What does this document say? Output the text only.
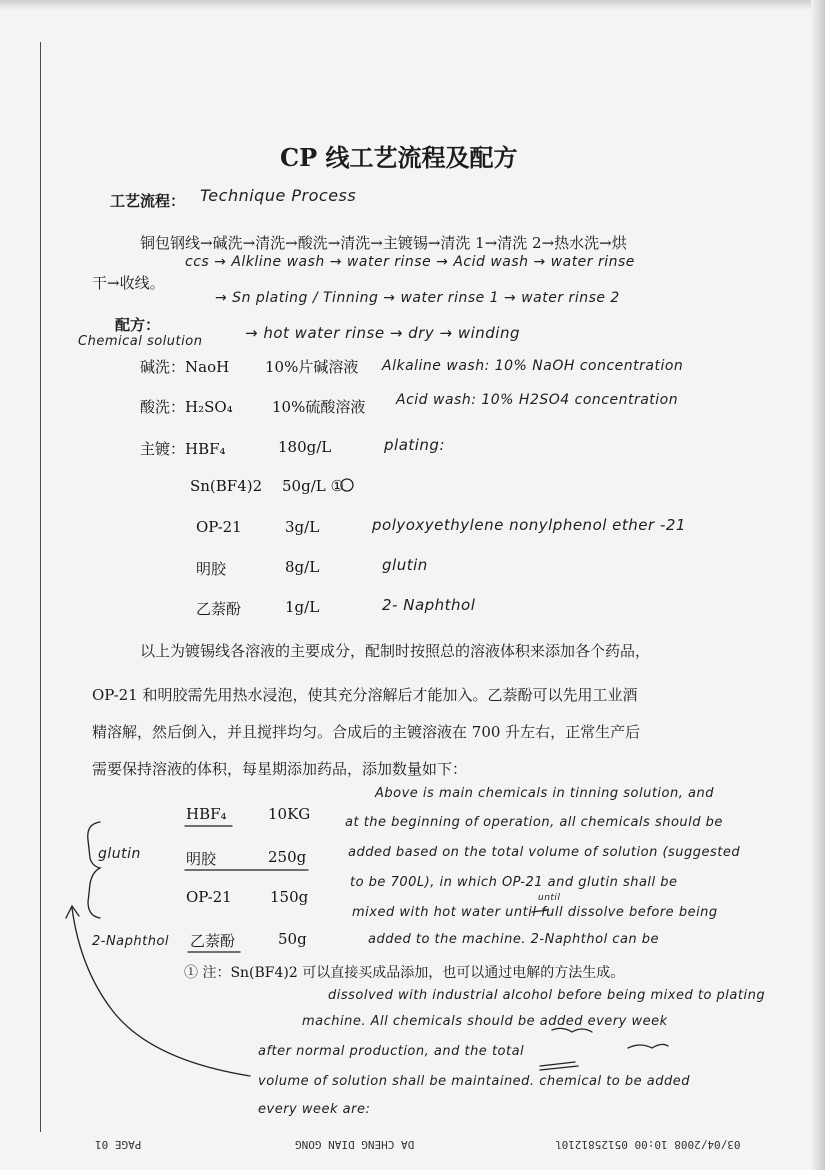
CP 线工艺流程及配方
工艺流程： Technique Process
铜包钢线→碱洗→清洗→酸洗→清洗→主镀锡→清洗 1→清洗 2→热水洗→烘
ccs → Alkline wash → water rinse → Acid wash → water rinse
干→收线。
→ Sn plating / Tinning → water rinse 1 → water rinse 2
配方：
Chemical solution	→ hot water rinse → dry → winding
碱洗：NaoH 10%片碱溶液 Alkaline wash: 10% NaOH concentration
酸洗：H₂SO₄	10%硫酸溶液 Acid wash: 10% H2SO4 concentration
主镀：HBF₄	180g/L	plating:
Sn(BF4)2 50g/L ①
OP-21	3g/L	polyoxyethylene nonylphenol ether -21
明胶	8g/L	glutin
乙萘酚	1g/L	2- Naphthol
以上为镀锡线各溶液的主要成分，配制时按照总的溶液体积来添加各个药品，
OP-21 和明胶需先用热水浸泡，使其充分溶解后才能加入。乙萘酚可以先用工业酒
精溶解，然后倒入，并且搅拌均匀。合成后的主镀溶液在 700 升左右，正常生产后
需要保持溶液的体积，每星期添加药品，添加数量如下：
HBF₄	10KG
明胶	250g
OP-21	150g
乙萘酚	50g
glutin
2-Naphthol
Above is main chemicals in tinning solution, and
at the beginning of operation, all chemicals should be
added based on the total volume of solution (suggested
to be 700L), in which OP-21 and glutin shall be
mixed with hot water until full dissolve before being
added to the machine. 2-Naphthol can be
① 注：Sn(BF4)2 可以直接买成品添加，也可以通过电解的方法生成。
dissolved with industrial alcohol before being mixed to plating
machine. All chemicals should be added every week
after normal production, and the total
volume of solution shall be maintained. chemical to be added
every week are:
until
03/04/2008 10:00 0512581210l
DA CHENG DIAN GONG
PAGE 01
